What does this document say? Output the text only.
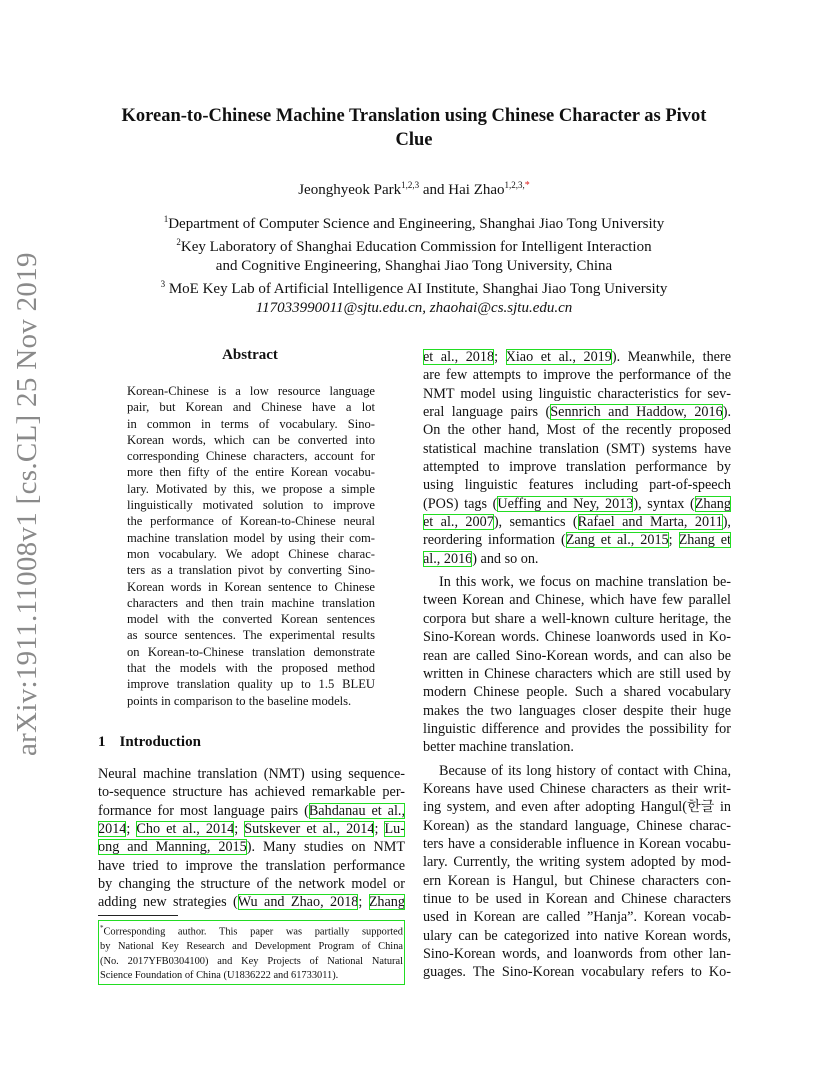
Korean-to-Chinese Machine Translation using Chinese Character as Pivot
Clue
Jeonghyeok Park$^{1,2,3}$ and Hai Zhao$^{1,2,3,*}$
$^1$Department of Computer Science and Engineering, Shanghai Jiao Tong University
$^2$Key Laboratory of Shanghai Education Commission for Intelligent Interaction
and Cognitive Engineering, Shanghai Jiao Tong University, China
$^3$ MoE Key Lab of Artificial Intelligence AI Institute, Shanghai Jiao Tong University
117033990011@sjtu.edu.cn, zhaohai@cs.sjtu.edu.cn
arXiv:1911.11008v1 [cs.CL] 25 Nov 2019	Abstract
Korean-Chinese is a low resource language
pair, but Korean and Chinese have a lot
in common in terms of vocabulary. Sino-
Korean words, which can be converted into
corresponding Chinese characters, account for
more then fifty of the entire Korean vocabu-
lary. Motivated by this, we propose a simple
linguistically motivated solution to improve
the performance of Korean-to-Chinese neural
machine translation model by using their com-
mon vocabulary. We adopt Chinese charac-
ters as a translation pivot by converting Sino-
Korean words in Korean sentence to Chinese
characters and then train machine translation
model with the converted Korean sentences
as source sentences. The experimental results
on Korean-to-Chinese translation demonstrate
that the models with the proposed method
improve translation quality up to 1.5 BLEU
points in comparison to the baseline models.
1 Introduction
Neural machine translation (NMT) using sequence-
to-sequence structure has achieved remarkable per-
formance for most language pairs (Bahdanau et al.,
2014; Cho et al., 2014; Sutskever et al., 2014; Lu-
ong and Manning, 2015). Many studies on NMT
have tried to improve the translation performance
by changing the structure of the network model or
adding new strategies (Wu and Zhao, 2018; Zhang
*Corresponding author. This paper was partially supported
by National Key Research and Development Program of China
(No. 2017YFB0304100) and Key Projects of National Natural
Science Foundation of China (U1836222 and 61733011).
et al., 2018; Xiao et al., 2019). Meanwhile, there
are few attempts to improve the performance of the
NMT model using linguistic characteristics for sev-
eral language pairs (Sennrich and Haddow, 2016).
On the other hand, Most of the recently proposed
statistical machine translation (SMT) systems have
attempted to improve translation performance by
using linguistic features including part-of-speech
(POS) tags (Ueffing and Ney, 2013), syntax (Zhang
et al., 2007), semantics (Rafael and Marta, 2011),
reordering information (Zang et al., 2015; Zhang et
al., 2016) and so on.
In this work, we focus on machine translation be-
tween Korean and Chinese, which have few parallel
corpora but share a well-known culture heritage, the
Sino-Korean words. Chinese loanwords used in Ko-
rean are called Sino-Korean words, and can also be
written in Chinese characters which are still used by
modern Chinese people. Such a shared vocabulary
makes the two languages closer despite their huge
linguistic difference and provides the possibility for
better machine translation.
Because of its long history of contact with China,
Koreans have used Chinese characters as their writ-
ing system, and even after adopting Hangul(한글 in
Korean) as the standard language, Chinese charac-
ters have a considerable influence in Korean vocabu-
lary. Currently, the writing system adopted by mod-
ern Korean is Hangul, but Chinese characters con-
tinue to be used in Korean and Chinese characters
used in Korean are called ”Hanja”. Korean vocab-
ulary can be categorized into native Korean words,
Sino-Korean words, and loanwords from other lan-
guages. The Sino-Korean vocabulary refers to Ko-
